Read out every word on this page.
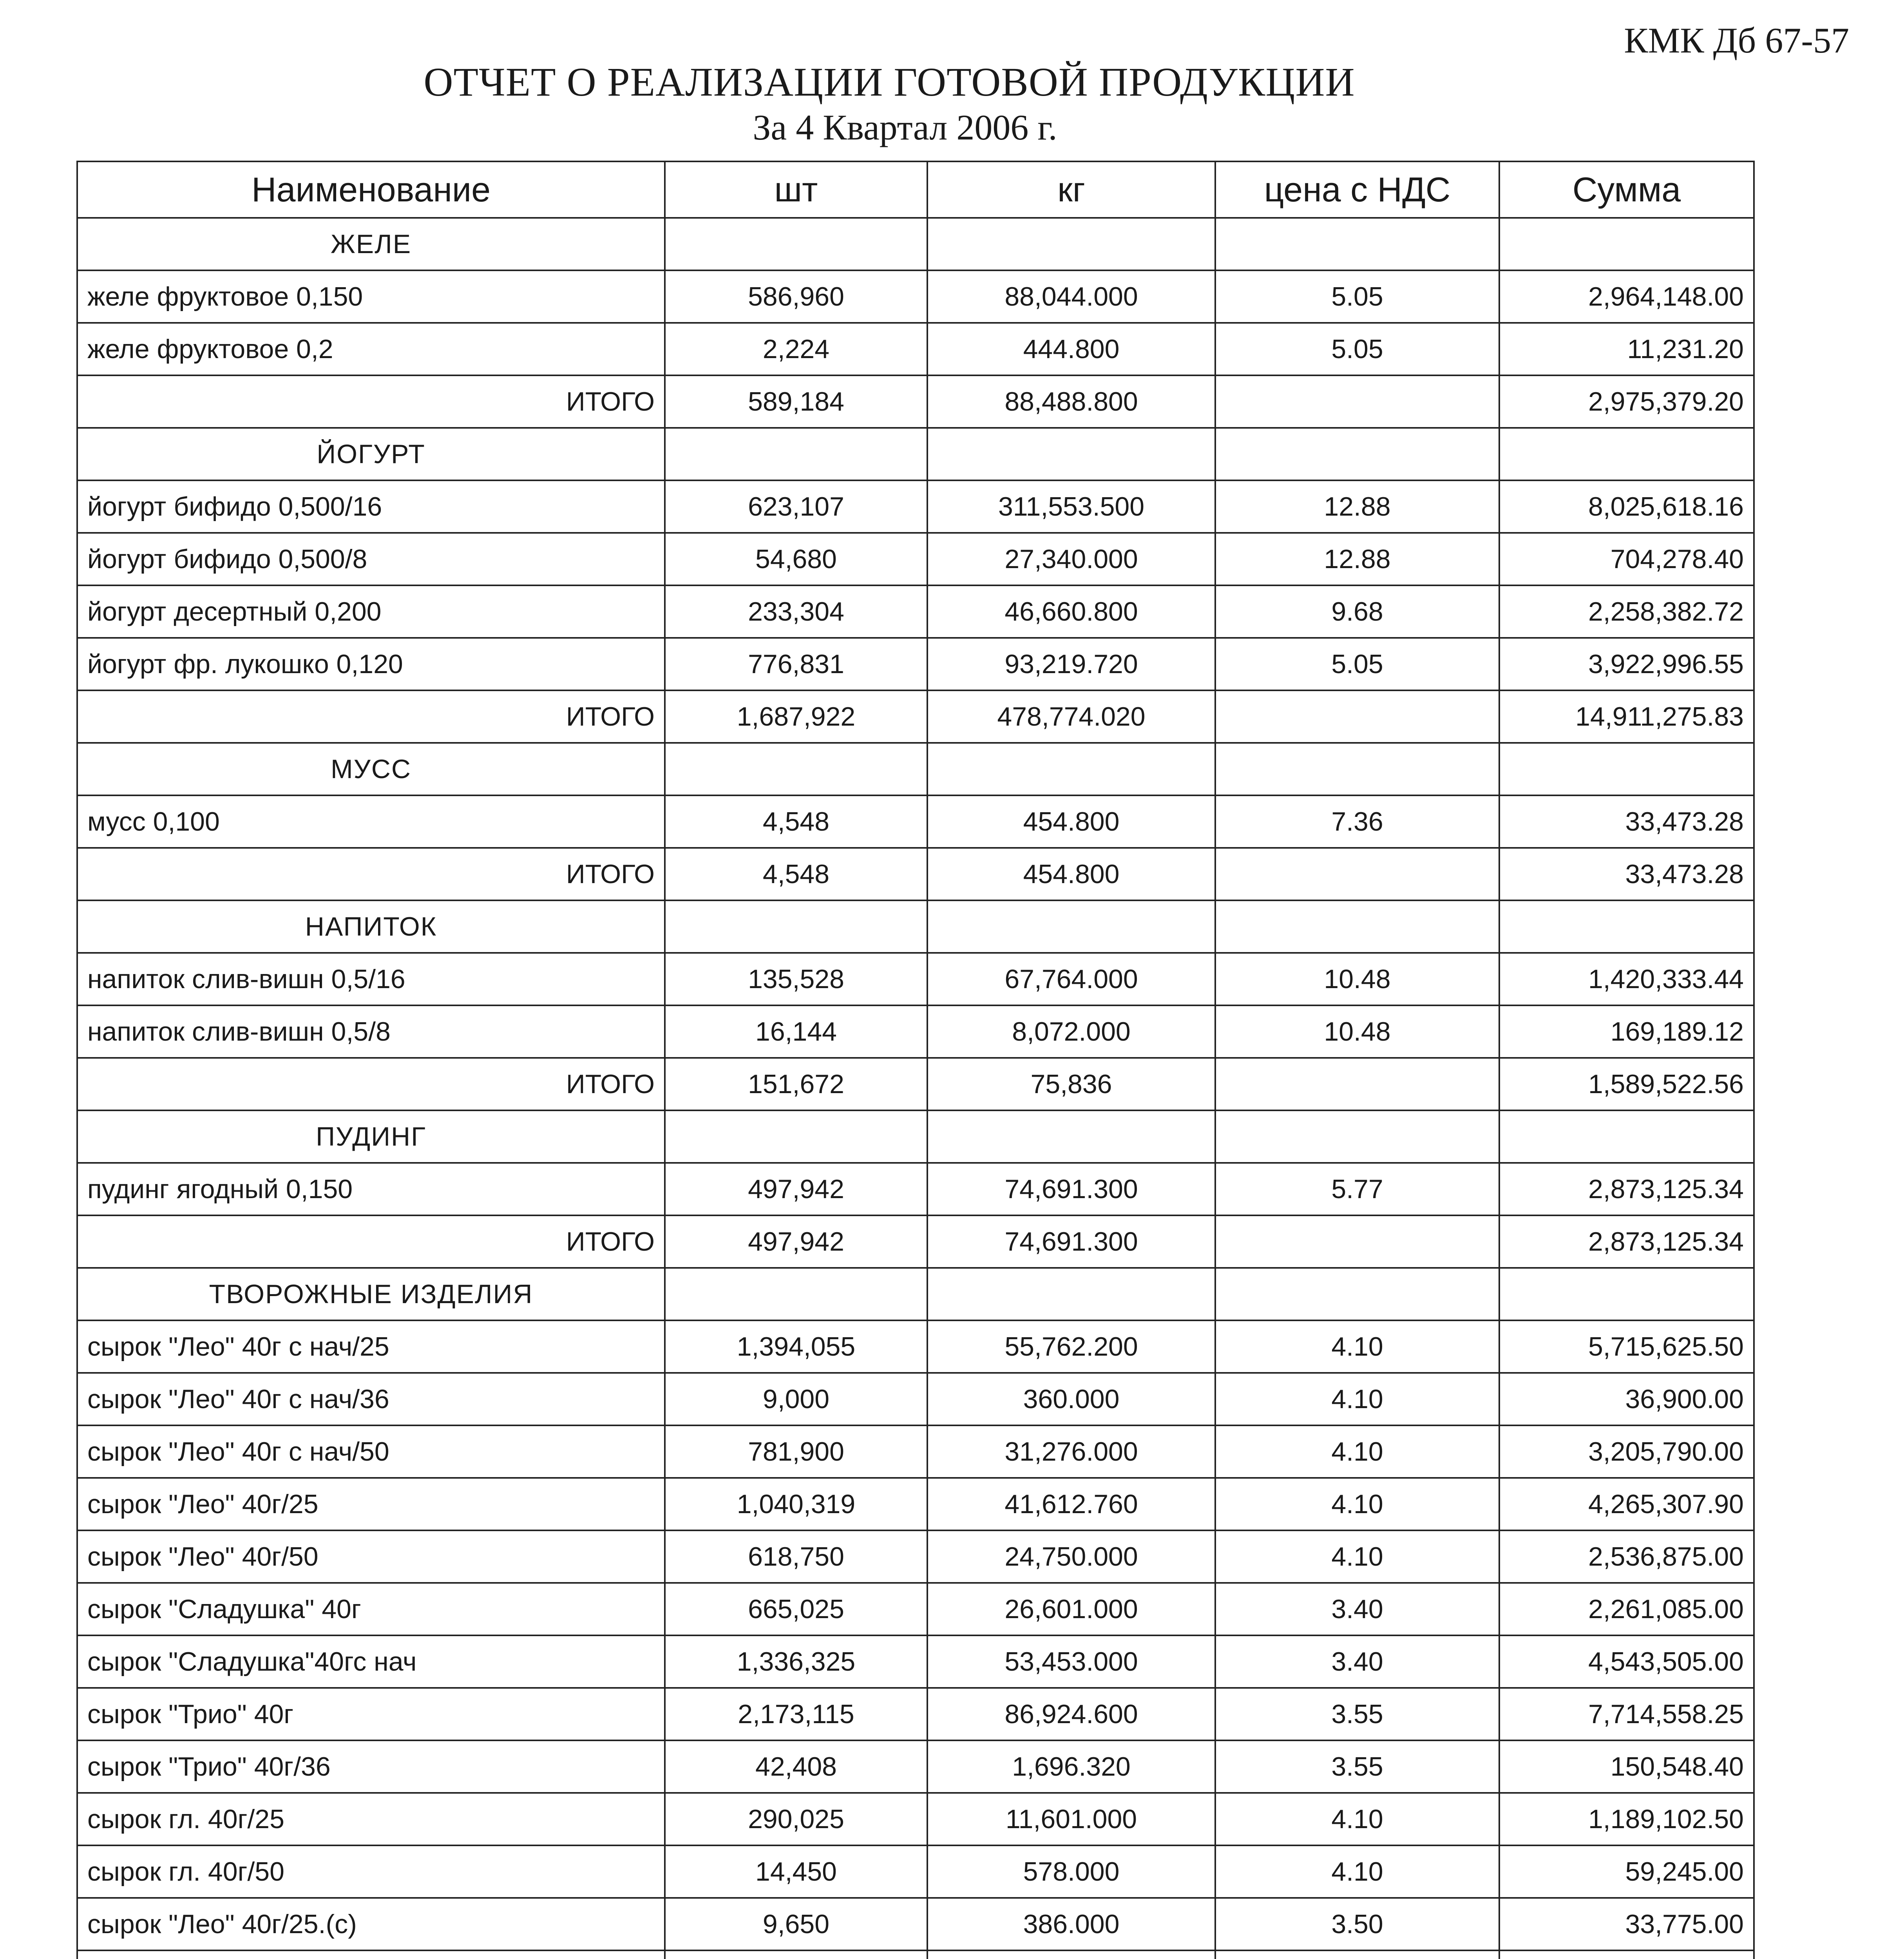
КМК Дб 67-57
ОТЧЕТ О РЕАЛИЗАЦИИ ГОТОВОЙ ПРОДУКЦИИ
За 4 Квартал 2006 г.
Наименование	шт	кг	цена с НДС	Сумма
ЖЕЛЕ				
желе фруктовое 0,150	586,960	88,044.000	5.05	2,964,148.00
желе фруктовое 0,2	2,224	444.800	5.05	11,231.20
ИТОГО	589,184	88,488.800		2,975,379.20
ЙОГУРТ				
йогурт бифидо 0,500/16	623,107	311,553.500	12.88	8,025,618.16
йогурт бифидо 0,500/8	54,680	27,340.000	12.88	704,278.40
йогурт десертный 0,200	233,304	46,660.800	9.68	2,258,382.72
йогурт фр. лукошко 0,120	776,831	93,219.720	5.05	3,922,996.55
ИТОГО	1,687,922	478,774.020		14,911,275.83
МУСС				
мусс 0,100	4,548	454.800	7.36	33,473.28
ИТОГО	4,548	454.800		33,473.28
НАПИТОК				
напиток слив-вишн 0,5/16	135,528	67,764.000	10.48	1,420,333.44
напиток слив-вишн 0,5/8	16,144	8,072.000	10.48	169,189.12
ИТОГО	151,672	75,836		1,589,522.56
ПУДИНГ				
пудинг ягодный 0,150	497,942	74,691.300	5.77	2,873,125.34
ИТОГО	497,942	74,691.300		2,873,125.34
ТВОРОЖНЫЕ ИЗДЕЛИЯ				
сырок "Лео" 40г с нач/25	1,394,055	55,762.200	4.10	5,715,625.50
сырок "Лео" 40г с нач/36	9,000	360.000	4.10	36,900.00
сырок "Лео" 40г с нач/50	781,900	31,276.000	4.10	3,205,790.00
сырок "Лео" 40г/25	1,040,319	41,612.760	4.10	4,265,307.90
сырок "Лео" 40г/50	618,750	24,750.000	4.10	2,536,875.00
сырок "Сладушка" 40г	665,025	26,601.000	3.40	2,261,085.00
сырок "Сладушка"40гс нач	1,336,325	53,453.000	3.40	4,543,505.00
сырок "Трио" 40г	2,173,115	86,924.600	3.55	7,714,558.25
сырок "Трио" 40г/36	42,408	1,696.320	3.55	150,548.40
сырок гл. 40г/25	290,025	11,601.000	4.10	1,189,102.50
сырок гл. 40г/50	14,450	578.000	4.10	59,245.00
сырок "Лео" 40г/25.(с)	9,650	386.000	3.50	33,775.00
